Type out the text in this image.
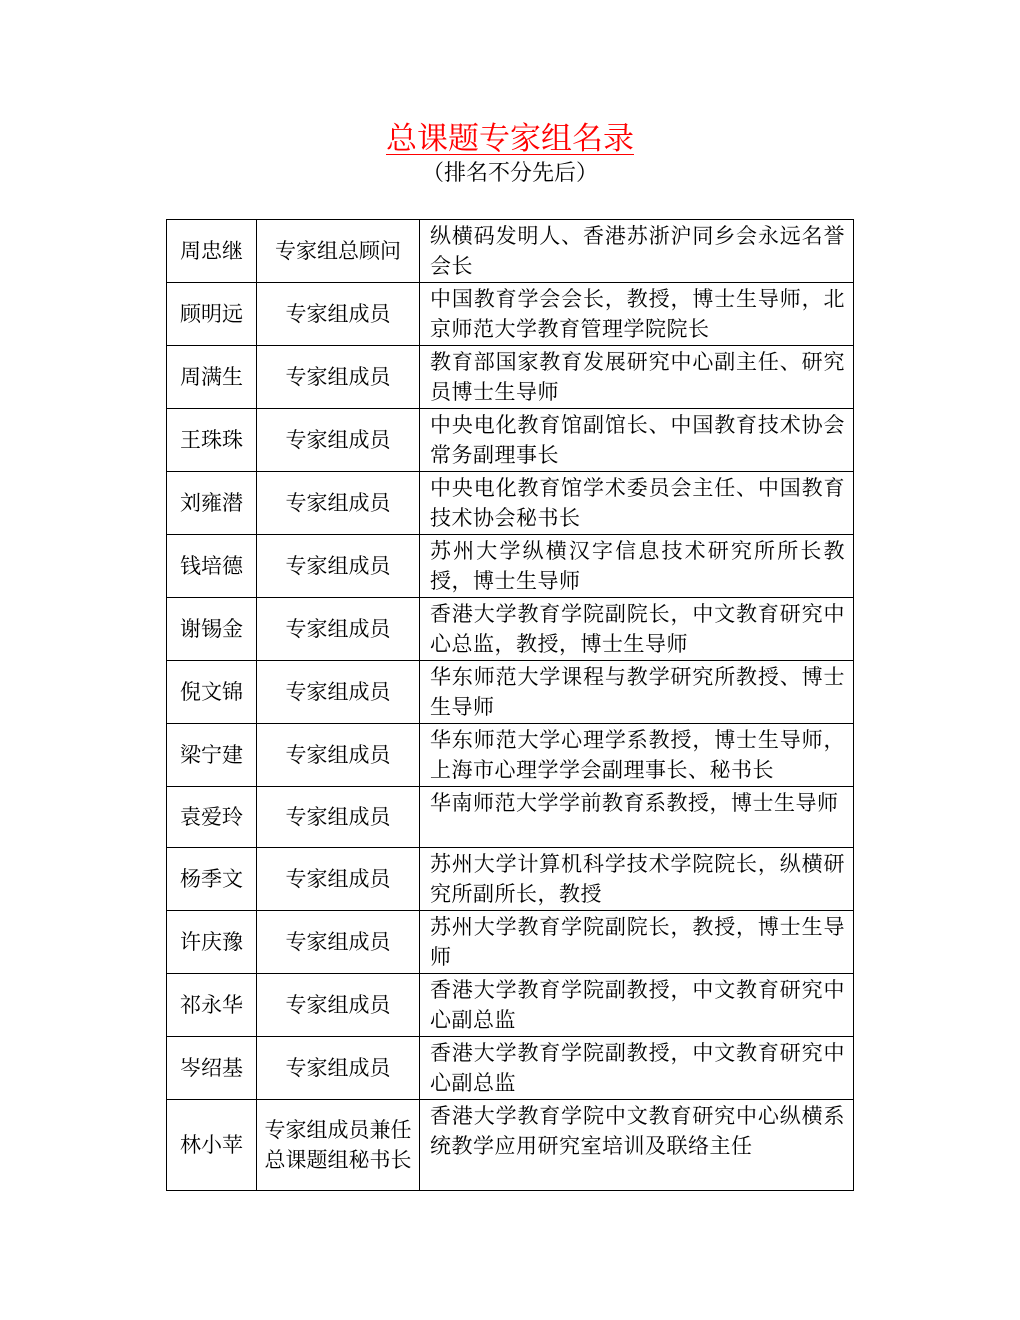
总课题专家组名录
（排名不分先后）
周忠继	专家组总顾问	纵横码发明人、香港苏浙沪同乡会永远名誉会长
顾明远	专家组成员	中国教育学会会长，教授，博士生导师，北京师范大学教育管理学院院长
周满生	专家组成员	教育部国家教育发展研究中心副主任、研究员博士生导师
王珠珠	专家组成员	中央电化教育馆副馆长、中国教育技术协会常务副理事长
刘雍潜	专家组成员	中央电化教育馆学术委员会主任、中国教育技术协会秘书长
钱培德	专家组成员	苏州大学纵横汉字信息技术研究所所长教授，博士生导师
谢锡金	专家组成员	香港大学教育学院副院长，中文教育研究中心总监，教授，博士生导师
倪文锦	专家组成员	华东师范大学课程与教学研究所教授、博士生导师
梁宁建	专家组成员	华东师范大学心理学系教授，博士生导师，上海市心理学学会副理事长、秘书长
袁爱玲	专家组成员	华南师范大学学前教育系教授，博士生导师
杨季文	专家组成员	苏州大学计算机科学技术学院院长，纵横研究所副所长，教授
许庆豫	专家组成员	苏州大学教育学院副院长，教授，博士生导师
祁永华	专家组成员	香港大学教育学院副教授，中文教育研究中心副总监
岑绍基	专家组成员	香港大学教育学院副教授，中文教育研究中心副总监
林小苹	专家组成员兼任总课题组秘书长	香港大学教育学院中文教育研究中心纵横系统教学应用研究室培训及联络主任
